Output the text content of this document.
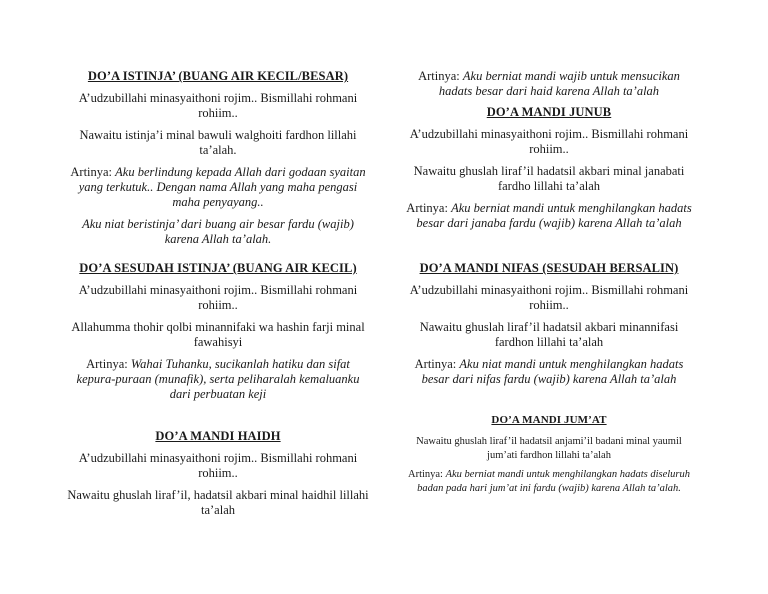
DO’A ISTINJA’ (BUANG AIR KECIL/BESAR)

A’udzubillahi minasyaithoni rojim.. Bismillahi rohmani rohiim..

Nawaitu istinja’i minal bawuli walghoiti fardhon lillahi ta’alah.

Artinya: Aku berlindung kepada Allah dari godaan syaitan yang terkutuk.. Dengan nama Allah yang maha pengasi maha penyayang..

Aku niat beristinja’ dari buang air besar fardu (wajib) karena Allah ta’alah.

DO’A SESUDAH ISTINJA’ (BUANG AIR KECIL)

A’udzubillahi minasyaithoni rojim.. Bismillahi rohmani rohiim..

Allahumma thohir qolbi minannifaki wa hashin farji minal fawahisyi

Artinya: Wahai Tuhanku, sucikanlah hatiku dan sifat kepura-puraan (munafik), serta peliharalah kemaluanku dari perbuatan keji

DO’A MANDI HAIDH

A’udzubillahi minasyaithoni rojim.. Bismillahi rohmani rohiim..

Nawaitu ghuslah liraf’il, hadatsil akbari minal haidhil lillahi ta’alah

Artinya: Aku berniat mandi wajib untuk mensucikan hadats besar dari haid karena Allah ta’alah

DO’A MANDI JUNUB

A’udzubillahi minasyaithoni rojim.. Bismillahi rohmani rohiim..

Nawaitu ghuslah liraf’il hadatsil akbari minal janabati fardho lillahi ta’alah

Artinya: Aku berniat mandi untuk menghilangkan hadats besar dari janaba fardu (wajib) karena Allah ta’alah

DO’A MANDI NIFAS (SESUDAH BERSALIN)

A’udzubillahi minasyaithoni rojim.. Bismillahi rohmani rohiim..

Nawaitu ghuslah liraf’il hadatsil akbari minannifasi fardhon lillahi ta’alah

Artinya: Aku niat mandi untuk menghilangkan hadats besar dari nifas fardu (wajib) karena Allah ta’alah

DO’A MANDI JUM’AT

Nawaitu ghuslah liraf’il hadatsil anjami’il badani minal yaumil jum’ati fardhon lillahi ta’alah

Artinya: Aku berniat mandi untuk menghilangkan hadats diseluruh badan pada hari jum’at ini fardu (wajib) karena Allah ta’alah.
